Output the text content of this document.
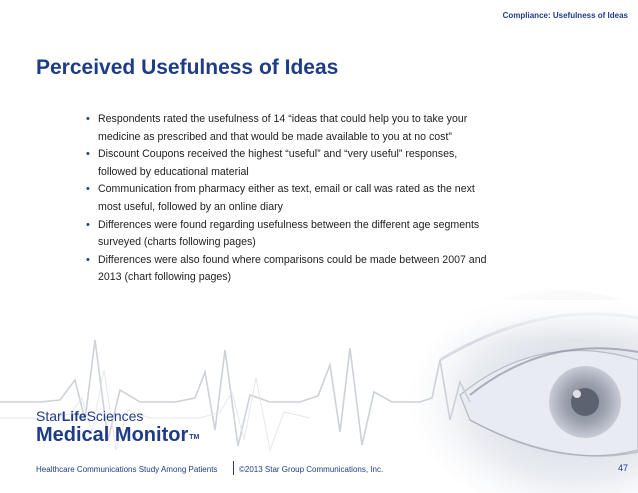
Compliance: Usefulness of Ideas
Perceived Usefulness of Ideas
• Respondents rated the usefulness of 14 “ideas that could help you to take your
medicine as prescribed and that would be made available to you at no cost”
• Discount Coupons received the highest “useful” and “very useful” responses,
followed by educational material
• Communication from pharmacy either as text, email or call was rated as the next
most useful, followed by an online diary
• Differences were found regarding usefulness between the different age segments
surveyed (charts following pages)
• Differences were also found where comparisons could be made between 2007 and
2013 (chart following pages)
StarLifeSciences
Medical Monitor™
Healthcare Communications Study Among Patients	©2013 Star Group Communications, Inc.	47
